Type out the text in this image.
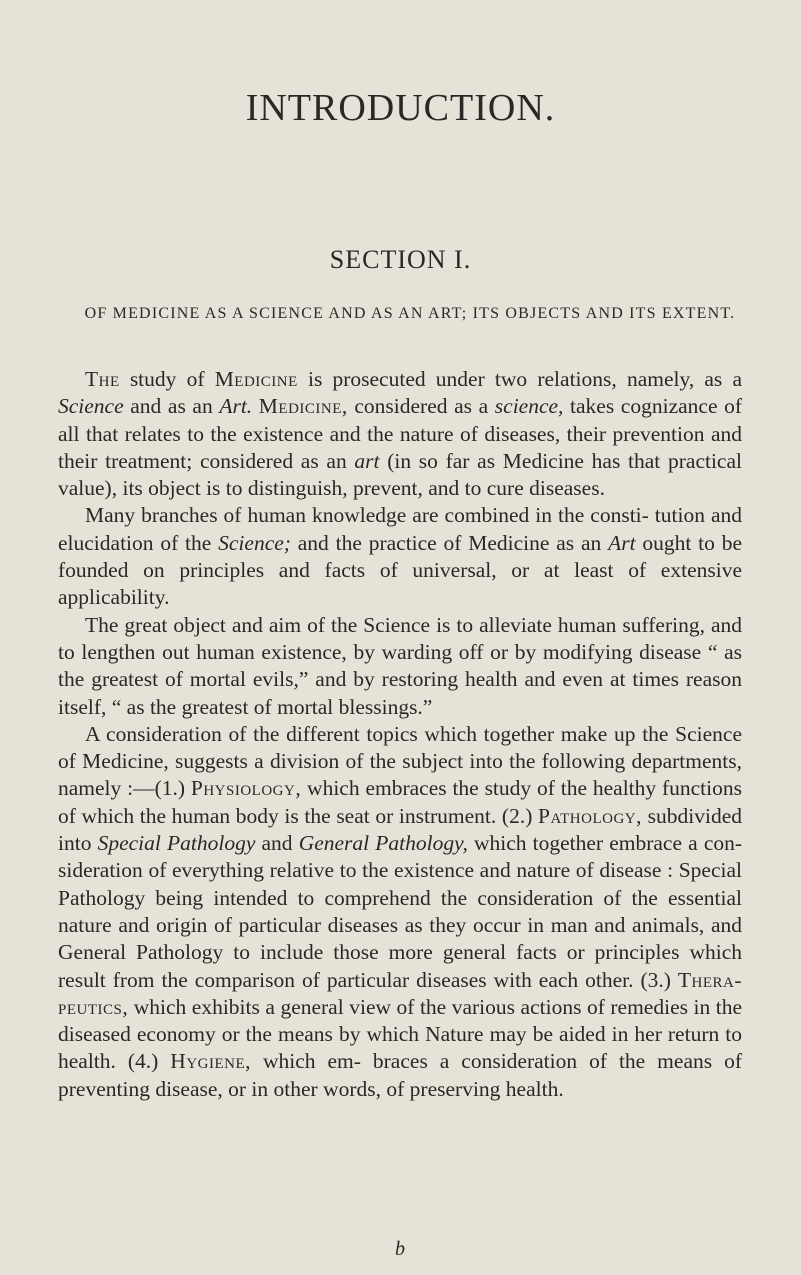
INTRODUCTION.
SECTION I.

OF MEDICINE AS A SCIENCE AND AS AN ART; ITS OBJECTS AND ITS EXTENT.

The study of Medicine is prosecuted under two relations, namely, as a Science and as an Art. Medicine, considered as a science, takes cognizance of all that relates to the existence and the nature of diseases, their prevention and their treatment; considered as an art (in so far as Medicine has that practical value), its object is to distinguish, prevent, and to cure diseases.

Many branches of human knowledge are combined in the consti- tution and elucidation of the Science; and the practice of Medicine as an Art ought to be founded on principles and facts of universal, or at least of extensive applicability.

The great object and aim of the Science is to alleviate human suffering, and to lengthen out human existence, by warding off or by modifying disease “ as the greatest of mortal evils,” and by restoring health and even at times reason itself, “ as the greatest of mortal blessings.”

A consideration of the different topics which together make up the Science of Medicine, suggests a division of the subject into the following departments, namely :—(1.) Physiology, which embraces the study of the healthy functions of which the human body is the seat or instrument. (2.) Pathology, subdivided into Special Pathology and General Pathology, which together embrace a con- sideration of everything relative to the existence and nature of disease : Special Pathology being intended to comprehend the consideration of the essential nature and origin of particular diseases as they occur in man and animals, and General Pathology to include those more general facts or principles which result from the comparison of particular diseases with each other. (3.) Thera- peutics, which exhibits a general view of the various actions of remedies in the diseased economy or the means by which Nature may be aided in her return to health. (4.) Hygiene, which em- braces a consideration of the means of preventing disease, or in other words, of preserving health.

b
